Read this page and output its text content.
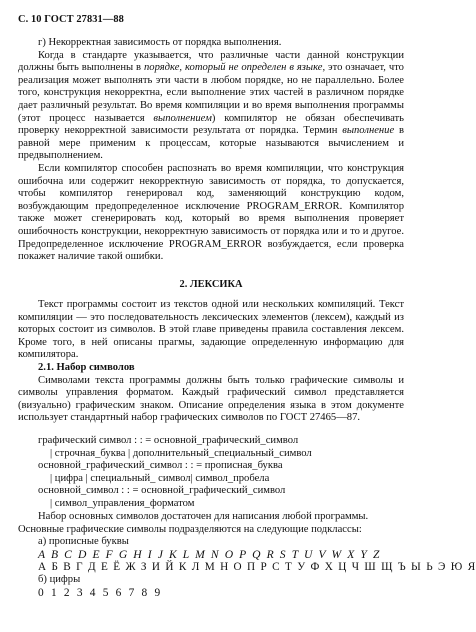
С. 10 ГОСТ 27831—88

г) Некорректная зависимость от порядка выполнения.

Когда в стандарте указывается, что различные части данной конструкции должны быть выполнены в порядке, который не определен в языке, это означает, что реализация может выполнять эти части в любом порядке, но не параллельно. Более того, конструкция некорректна, если выполнение этих частей в различном порядке дает различный результат. Во время компиляции и во время выполнения программы (этот процесс называется выполнением) компилятор не обязан обеспечивать проверку некорректной зависимости результата от порядка. Термин выполнение в равной мере применим к процессам, которые называются вычислением и предвыполнением.

Если компилятор способен распознать во время компиляции, что конструкция ошибочна или содержит некорректную зависимость от порядка, то допускается, чтобы компилятор генерировал код, заменяющий конструкцию кодом, возбуждающим предопределенное исключение PROGRAM_ERROR. Компилятор также может сгенерировать код, который во время выполнения проверяет ошибочность конструкции, некорректную зависимость от порядка или и то и другое. Предопределенное исключение PROGRAM_ERROR возбуждается, если проверка покажет наличие такой ошибки.

2. ЛЕКСИКА

Текст программы состоит из текстов одной или нескольких компиляций. Текст компиляции — это последовательность лексических элементов (лексем), каждый из которых состоит из символов. В этой главе приведены правила составления лексем. Кроме того, в ней описаны прагмы, задающие определенную информацию для компилятора.

2.1. Набор символов

Символами текста программы должны быть только графические символы и символы управления форматом. Каждый графический символ представляется (визуально) графическим знаком. Описание определения языка в этом документе использует стандартный набор графических символов по ГОСТ 27465—87.

графический символ : : = основной_графический_символ

| строчная_буква | дополнительный_специальный_символ

основной_графический_символ : : = прописная_буква

| цифра | специальный_ символ| символ_пробела

основной_символ : : = основной_графический_символ

| символ_управления_форматом

Набор основных символов достаточен для написания любой программы.

Основные графические символы подразделяются на следующие подклассы:

а) прописные буквы

A B C D E F G H I J K L M N O P Q R S T U V W X Y Z

А Б В Г Д Е Ё Ж З И Й К Л М Н О П Р С Т У Ф Х Ц Ч Ш Щ Ъ Ы Ь Э Ю Я

б) цифры

0 1 2 3 4 5 6 7 8 9
